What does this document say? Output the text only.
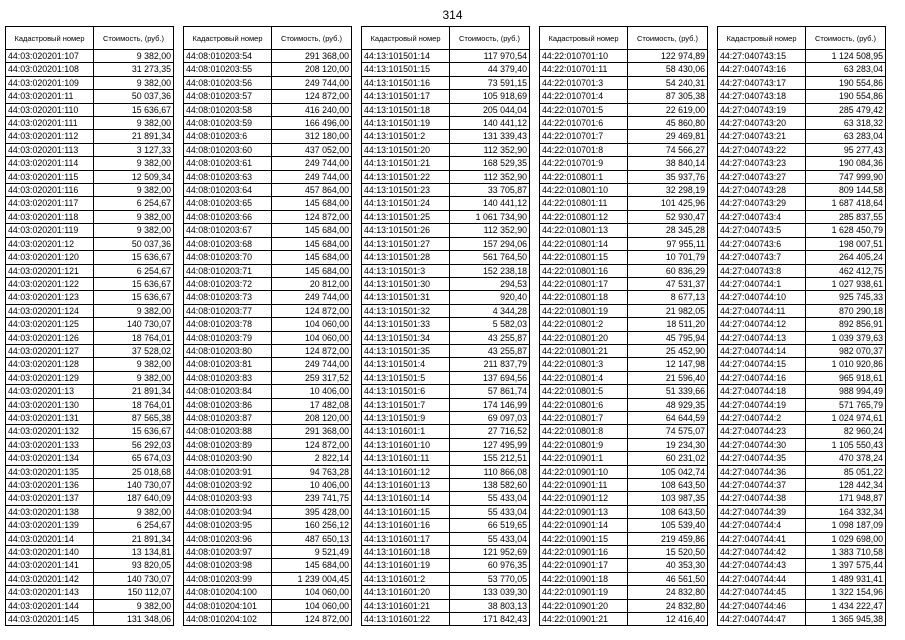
314
Кадастровый номер	Стоимость, (руб.)
44:03:020201:107	9 382,00
44:03:020201:108	31 273,35
44:03:020201:109	9 382,00
44:03:020201:11	50 037,36
44:03:020201:110	15 636,67
44:03:020201:111	9 382,00
44:03:020201:112	21 891,34
44:03:020201:113	3 127,33
44:03:020201:114	9 382,00
44:03:020201:115	12 509,34
44:03:020201:116	9 382,00
44:03:020201:117	6 254,67
44:03:020201:118	9 382,00
44:03:020201:119	9 382,00
44:03:020201:12	50 037,36
44:03:020201:120	15 636,67
44:03:020201:121	6 254,67
44:03:020201:122	15 636,67
44:03:020201:123	15 636,67
44:03:020201:124	9 382,00
44:03:020201:125	140 730,07
44:03:020201:126	18 764,01
44:03:020201:127	37 528,02
44:03:020201:128	9 382,00
44:03:020201:129	9 382,00
44:03:020201:13	21 891,34
44:03:020201:130	18 764,01
44:03:020201:131	87 565,38
44:03:020201:132	15 636,67
44:03:020201:133	56 292,03
44:03:020201:134	65 674,03
44:03:020201:135	25 018,68
44:03:020201:136	140 730,07
44:03:020201:137	187 640,09
44:03:020201:138	9 382,00
44:03:020201:139	6 254,67
44:03:020201:14	21 891,34
44:03:020201:140	13 134,81
44:03:020201:141	93 820,05
44:03:020201:142	140 730,07
44:03:020201:143	150 112,07
44:03:020201:144	9 382,00
44:03:020201:145	131 348,06
Кадастровый номер	Стоимость, (руб.)
44:08:010203:54	291 368,00
44:08:010203:55	208 120,00
44:08:010203:56	249 744,00
44:08:010203:57	124 872,00
44:08:010203:58	416 240,00
44:08:010203:59	166 496,00
44:08:010203:6	312 180,00
44:08:010203:60	437 052,00
44:08:010203:61	249 744,00
44:08:010203:63	249 744,00
44:08:010203:64	457 864,00
44:08:010203:65	145 684,00
44:08:010203:66	124 872,00
44:08:010203:67	145 684,00
44:08:010203:68	145 684,00
44:08:010203:70	145 684,00
44:08:010203:71	145 684,00
44:08:010203:72	20 812,00
44:08:010203:73	249 744,00
44:08:010203:77	124 872,00
44:08:010203:78	104 060,00
44:08:010203:79	104 060,00
44:08:010203:80	124 872,00
44:08:010203:81	249 744,00
44:08:010203:83	259 317,52
44:08:010203:84	10 406,00
44:08:010203:86	17 482,08
44:08:010203:87	208 120,00
44:08:010203:88	291 368,00
44:08:010203:89	124 872,00
44:08:010203:90	2 822,14
44:08:010203:91	94 763,28
44:08:010203:92	10 406,00
44:08:010203:93	239 741,75
44:08:010203:94	395 428,00
44:08:010203:95	160 256,12
44:08:010203:96	487 650,13
44:08:010203:97	9 521,49
44:08:010203:98	145 684,00
44:08:010203:99	1 239 004,45
44:08:010204:100	104 060,00
44:08:010204:101	104 060,00
44:08:010204:102	124 872,00
Кадастровый номер	Стоимость, (руб.)
44:13:101501:14	117 970,54
44:13:101501:15	44 379,40
44:13:101501:16	73 591,15
44:13:101501:17	105 918,69
44:13:101501:18	205 044,04
44:13:101501:19	140 441,12
44:13:101501:2	131 339,43
44:13:101501:20	112 352,90
44:13:101501:21	168 529,35
44:13:101501:22	112 352,90
44:13:101501:23	33 705,87
44:13:101501:24	140 441,12
44:13:101501:25	1 061 734,90
44:13:101501:26	112 352,90
44:13:101501:27	157 294,06
44:13:101501:28	561 764,50
44:13:101501:3	152 238,18
44:13:101501:30	294,53
44:13:101501:31	920,40
44:13:101501:32	4 344,28
44:13:101501:33	5 582,03
44:13:101501:34	43 255,87
44:13:101501:35	43 255,87
44:13:101501:4	211 837,79
44:13:101501:5	137 694,56
44:13:101501:6	57 861,74
44:13:101501:7	174 146,99
44:13:101501:9	69 097,03
44:13:101601:1	27 716,52
44:13:101601:10	127 495,99
44:13:101601:11	155 212,51
44:13:101601:12	110 866,08
44:13:101601:13	138 582,60
44:13:101601:14	55 433,04
44:13:101601:15	55 433,04
44:13:101601:16	66 519,65
44:13:101601:17	55 433,04
44:13:101601:18	121 952,69
44:13:101601:19	60 976,35
44:13:101601:2	53 770,05
44:13:101601:20	133 039,30
44:13:101601:21	38 803,13
44:13:101601:22	171 842,43
Кадастровый номер	Стоимость, (руб.)
44:22:010701:10	122 974,89
44:22:010701:11	58 430,06
44:22:010701:3	54 240,31
44:22:010701:4	87 305,38
44:22:010701:5	22 619,00
44:22:010701:6	45 860,80
44:22:010701:7	29 469,81
44:22:010701:8	74 566,27
44:22:010701:9	38 840,14
44:22:010801:1	35 937,76
44:22:010801:10	32 298,19
44:22:010801:11	101 425,96
44:22:010801:12	52 930,47
44:22:010801:13	28 345,28
44:22:010801:14	97 955,11
44:22:010801:15	10 701,79
44:22:010801:16	60 836,29
44:22:010801:17	47 531,37
44:22:010801:18	8 677,13
44:22:010801:19	21 982,05
44:22:010801:2	18 511,20
44:22:010801:20	45 795,94
44:22:010801:21	25 452,90
44:22:010801:3	12 147,98
44:22:010801:4	21 596,40
44:22:010801:5	51 339,66
44:22:010801:6	48 929,35
44:22:010801:7	64 644,59
44:22:010801:8	74 575,07
44:22:010801:9	19 234,30
44:22:010901:1	60 231,02
44:22:010901:10	105 042,74
44:22:010901:11	108 643,50
44:22:010901:12	103 987,35
44:22:010901:13	108 643,50
44:22:010901:14	105 539,40
44:22:010901:15	219 459,86
44:22:010901:16	15 520,50
44:22:010901:17	40 353,30
44:22:010901:18	46 561,50
44:22:010901:19	24 832,80
44:22:010901:20	24 832,80
44:22:010901:21	12 416,40
Кадастровый номер	Стоимость, (руб.)
44:27:040743:15	1 124 508,95
44:27:040743:16	63 283,04
44:27:040743:17	190 554,86
44:27:040743:18	190 554,86
44:27:040743:19	285 479,42
44:27:040743:20	63 318,32
44:27:040743:21	63 283,04
44:27:040743:22	95 277,43
44:27:040743:23	190 084,36
44:27:040743:27	747 999,90
44:27:040743:28	809 144,58
44:27:040743:29	1 687 418,64
44:27:040743:4	285 837,55
44:27:040743:5	1 628 450,79
44:27:040743:6	198 007,51
44:27:040743:7	264 405,24
44:27:040743:8	462 412,75
44:27:040744:1	1 027 938,61
44:27:040744:10	925 745,33
44:27:040744:11	870 290,18
44:27:040744:12	892 856,91
44:27:040744:13	1 039 379,63
44:27:040744:14	982 070,37
44:27:040744:15	1 010 920,86
44:27:040744:16	965 918,61
44:27:040744:18	988 994,49
44:27:040744:19	571 765,79
44:27:040744:2	1 024 974,61
44:27:040744:23	82 960,24
44:27:040744:30	1 105 550,43
44:27:040744:35	470 378,24
44:27:040744:36	85 051,22
44:27:040744:37	128 442,34
44:27:040744:38	171 948,87
44:27:040744:39	164 332,34
44:27:040744:4	1 098 187,09
44:27:040744:41	1 029 698,00
44:27:040744:42	1 383 710,58
44:27:040744:43	1 397 575,44
44:27:040744:44	1 489 931,41
44:27:040744:45	1 322 154,96
44:27:040744:46	1 434 222,47
44:27:040744:47	1 365 945,38
